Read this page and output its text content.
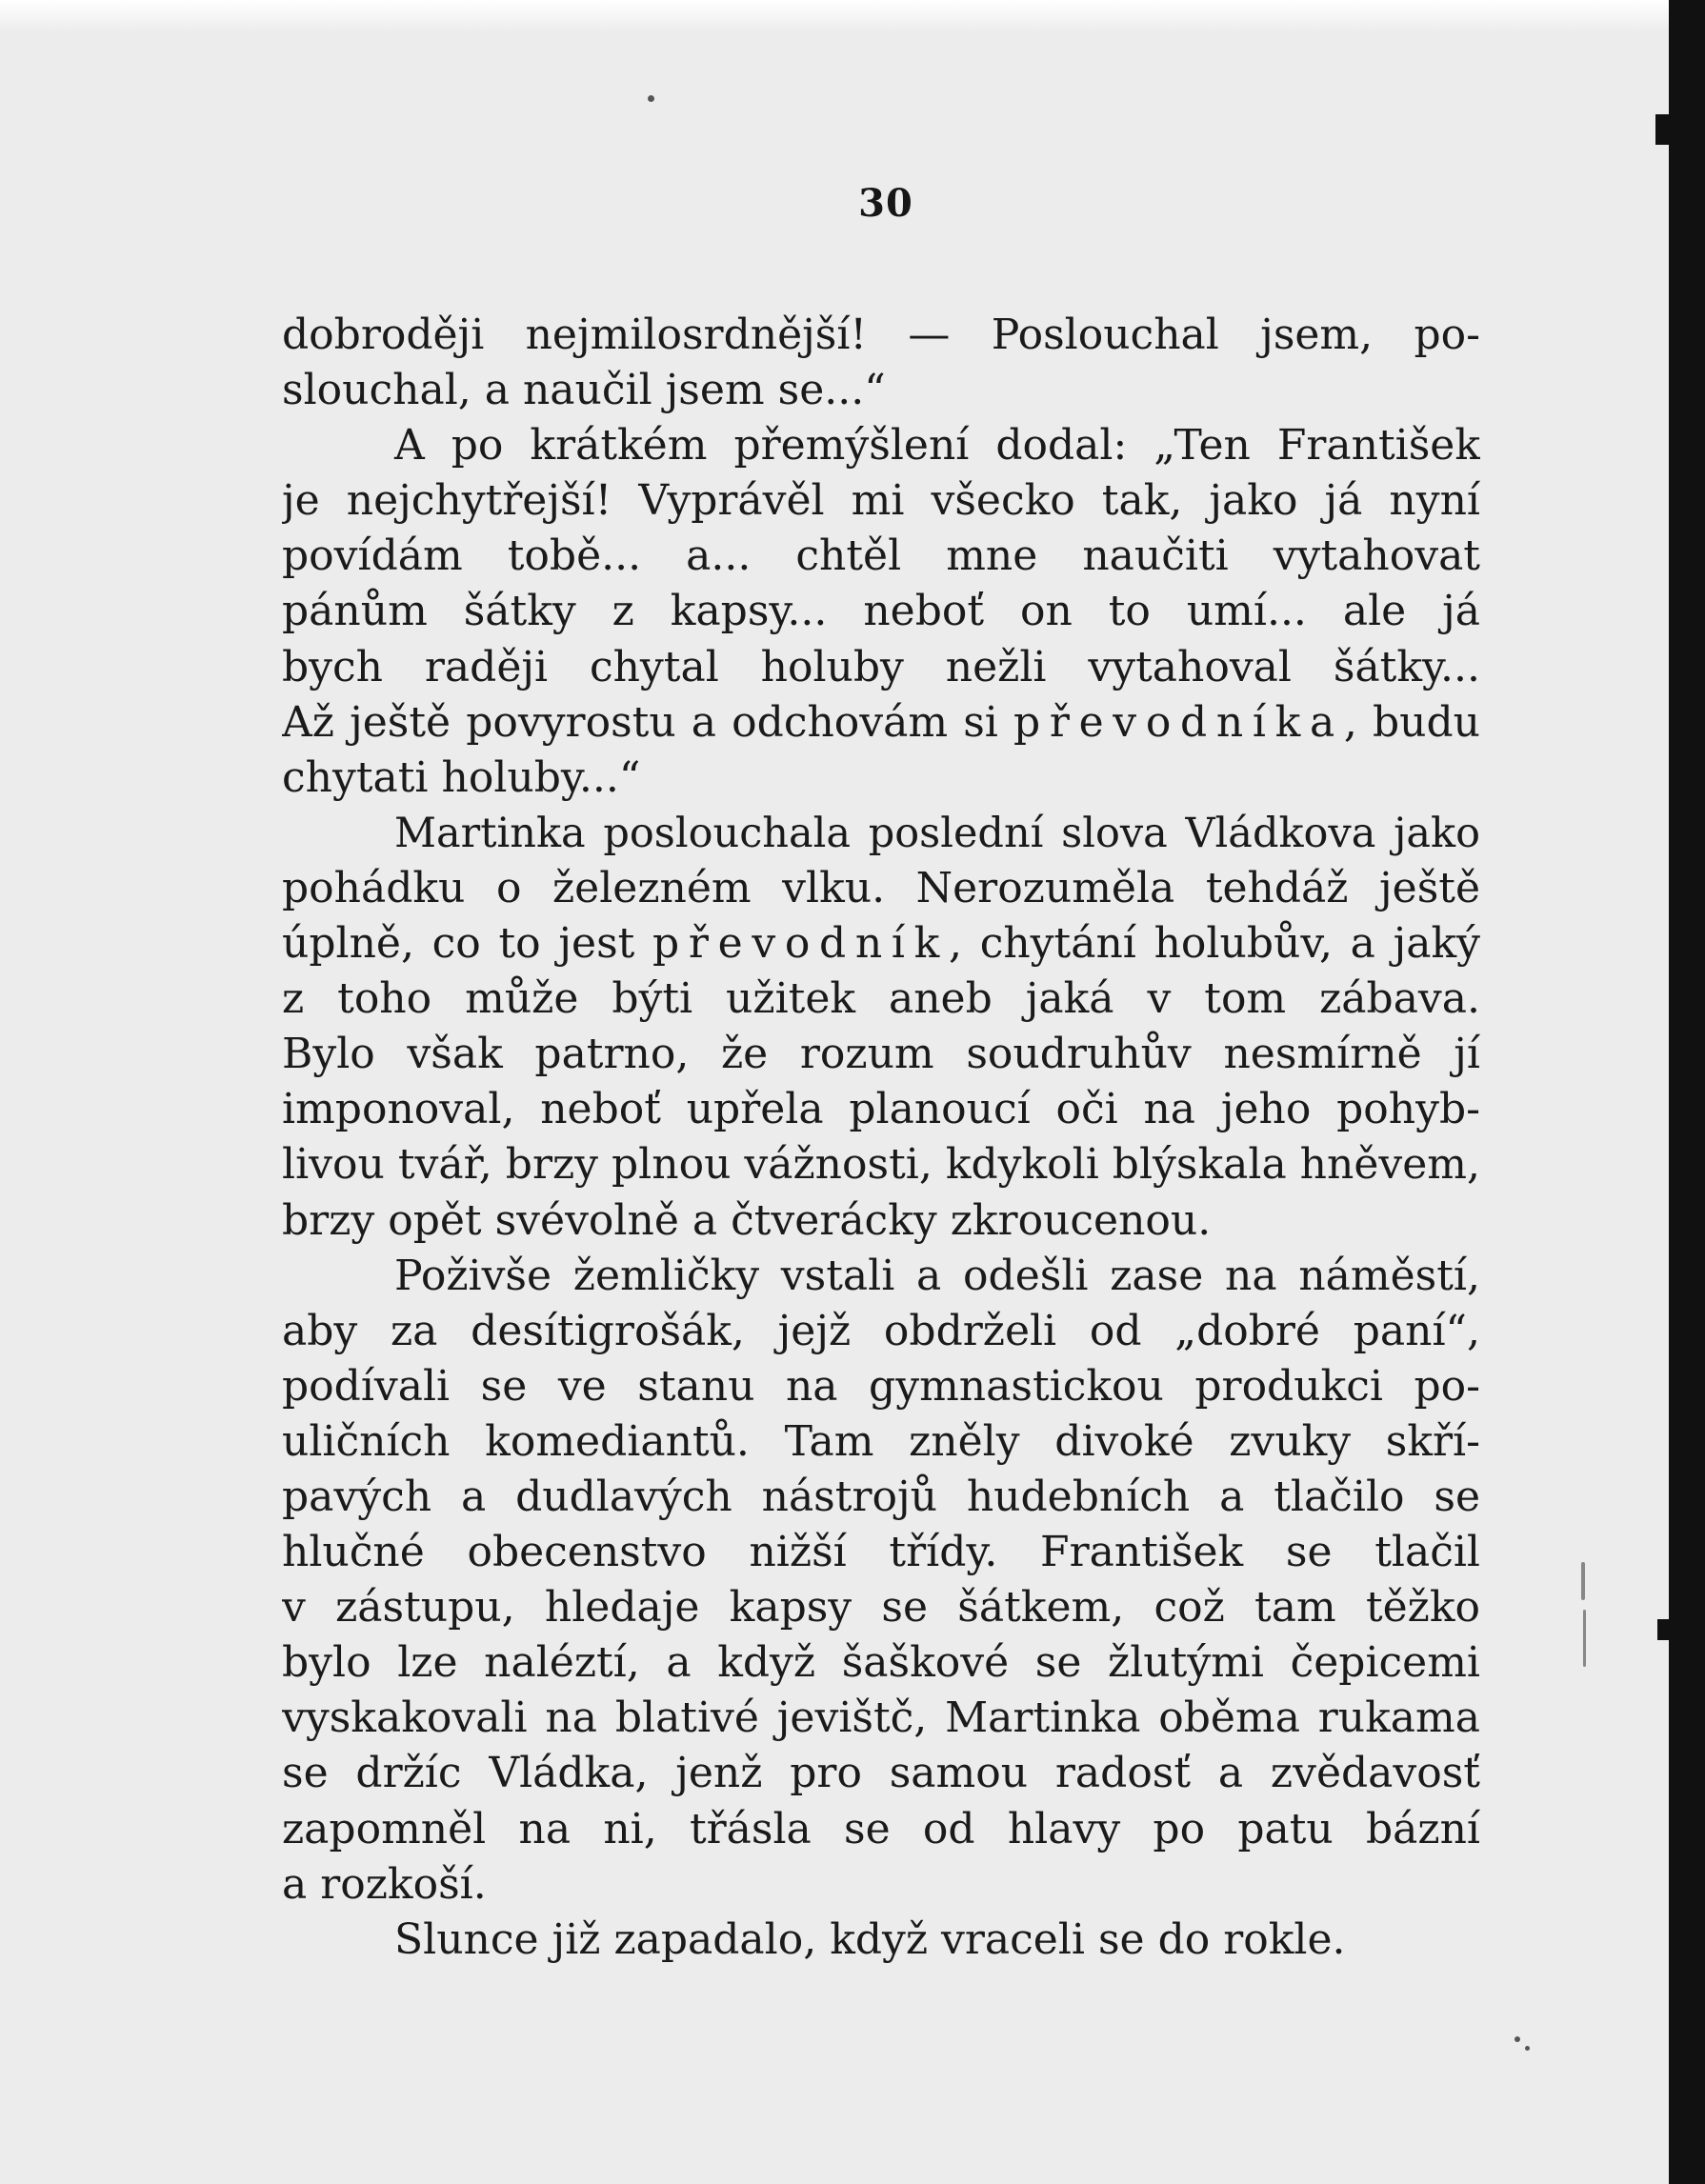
30
dobroději nejmilosrdnější! — Poslouchal jsem, po-
slouchal, a naučil jsem se...“
A po krátkém přemýšlení dodal: „Ten František
je nejchytřejší! Vyprávěl mi všecko tak, jako já nyní
povídám tobě... a... chtěl mne naučiti vytahovat
pánům šátky z kapsy... neboť on to umí... ale já
bych raději chytal holuby nežli vytahoval šátky...
Až ještě povyrostu a odchovám si převodníka, budu
chytati holuby...“
Martinka poslouchala poslední slova Vládkova jako
pohádku o železném vlku. Nerozuměla tehdáž ještě
úplně, co to jest převodník, chytání holubův, a jaký
z toho může býti užitek aneb jaká v tom zábava.
Bylo však patrno, že rozum soudruhův nesmírně jí
imponoval, neboť upřela planoucí oči na jeho pohyb-
livou tvář, brzy plnou vážnosti, kdykoli blýskala hněvem,
brzy opět svévolně a čtverácky zkroucenou.
Poživše žemličky vstali a odešli zase na náměstí,
aby za desítigrošák, jejž obdrželi od „dobré paní“,
podívali se ve stanu na gymnastickou produkci po-
uličních komediantů. Tam zněly divoké zvuky skří-
pavých a dudlavých nástrojů hudebních a tlačilo se
hlučné obecenstvo nižší třídy. František se tlačil
v zástupu, hledaje kapsy se šátkem, což tam těžko
bylo lze naléztí, a když šaškové se žlutými čepicemi
vyskakovali na blativé jevištč, Martinka oběma rukama
se držíc Vládka, jenž pro samou radosť a zvědavosť
zapomněl na ni, třásla se od hlavy po patu bázní
a rozkoší.
Slunce již zapadalo, když vraceli se do rokle.
